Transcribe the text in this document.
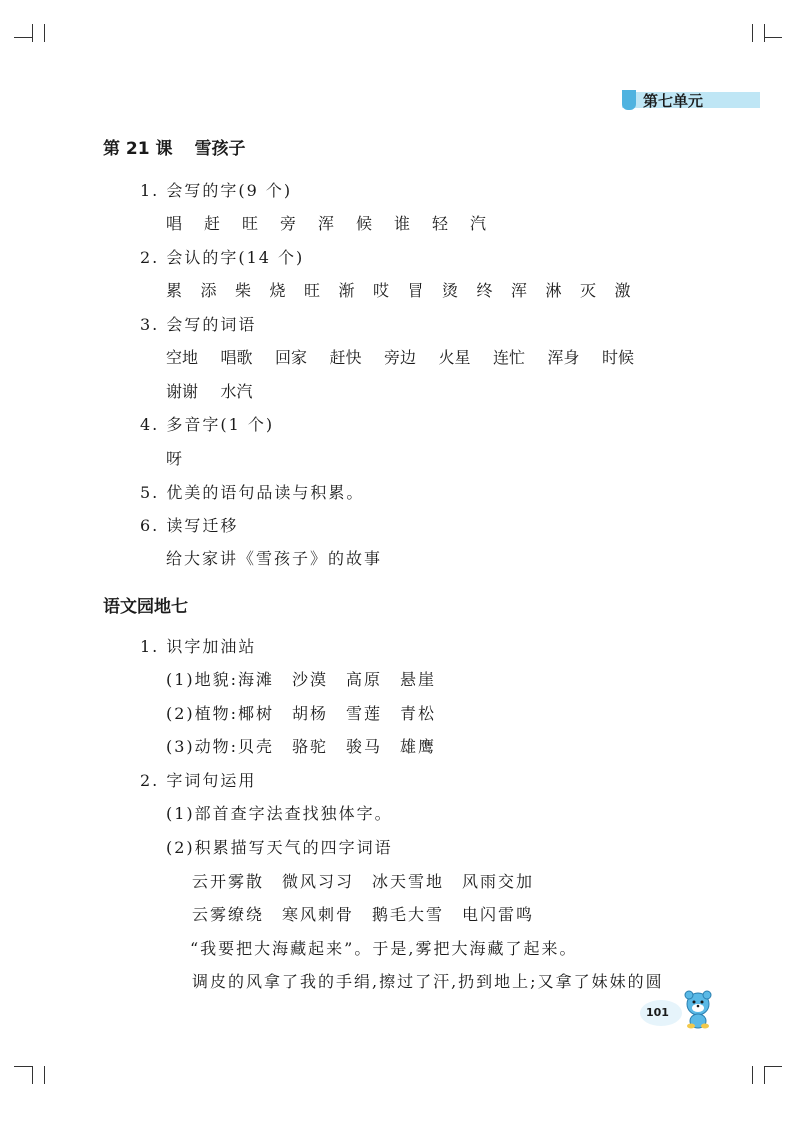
第七单元
第 21 课 雪孩子
1. 会写的字(9 个)
唱 赶 旺 旁 浑 候 谁 轻 汽
2. 会认的字(14 个)
累 添 柴 烧 旺 渐 哎 冒 烫 终 浑 淋 灭 激
3. 会写的词语
空地 唱歌 回家 赶快 旁边 火星 连忙 浑身 时候
谢谢 水汽
4. 多音字(1 个)
呀
5. 优美的语句品读与积累。
6. 读写迁移
给大家讲《雪孩子》的故事
语文园地七
1. 识字加油站
(1)地貌:海滩　沙漠　高原　悬崖
(2)植物:椰树　胡杨　雪莲　青松
(3)动物:贝壳　骆驼　骏马　雄鹰
2. 字词句运用
(1)部首查字法查找独体字。
(2)积累描写天气的四字词语
云开雾散　微风习习　冰天雪地　风雨交加
云雾缭绕　寒风刺骨　鹅毛大雪　电闪雷鸣
“我要把大海藏起来”。于是,雾把大海藏了起来。
调皮的风拿了我的手绢,擦过了汗,扔到地上;又拿了妹妹的圆
101
